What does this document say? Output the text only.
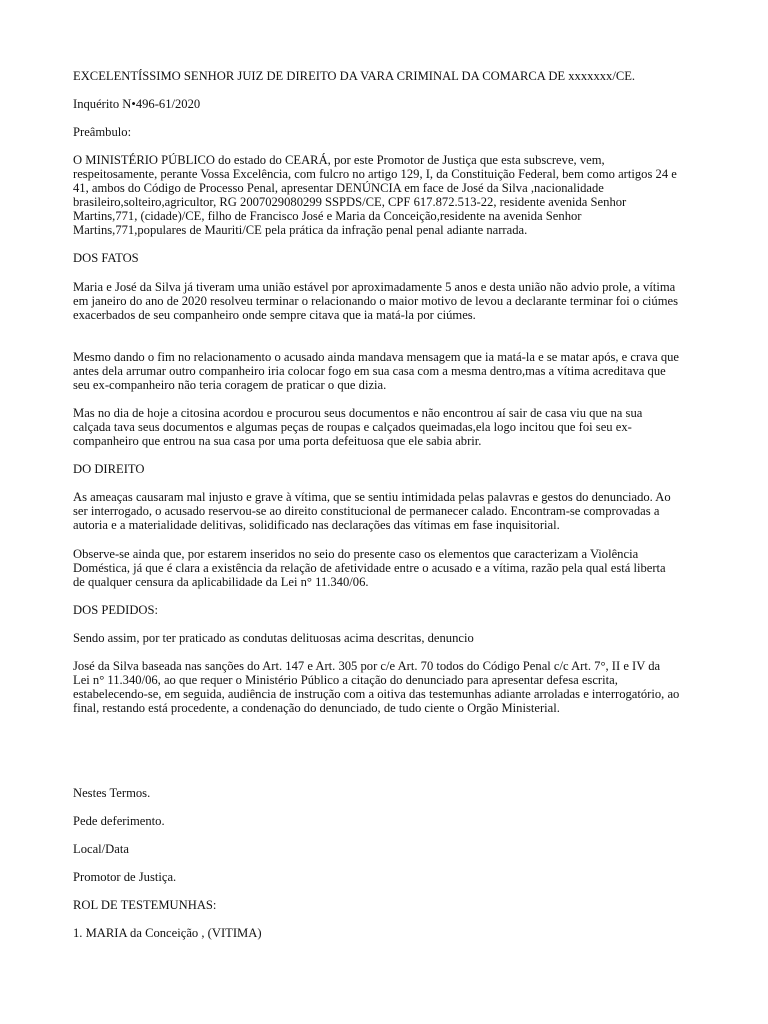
EXCELENTÍSSIMO SENHOR JUIZ DE DIREITO DA VARA CRIMINAL DA COMARCA DE xxxxxxx/CE.

Inquérito N•496-61/2020

Preâmbulo:

O MINISTÉRIO PÚBLICO do estado do CEARÁ, por este Promotor de Justiça que esta subscreve, vem,

respeitosamente, perante Vossa Excelência, com fulcro no artigo 129, I, da Constituição Federal, bem como artigos 24 e

41, ambos do Código de Processo Penal, apresentar DENÚNCIA em face de José da Silva ,nacionalidade

brasileiro,solteiro,agricultor, RG 2007029080299 SSPDS/CE, CPF 617.872.513-22, residente avenida Senhor

Martins,771, (cidade)/CE, filho de Francisco José e Maria da Conceição,residente na avenida Senhor

Martins,771,populares de Mauriti/CE pela prática da infração penal penal adiante narrada.

DOS FATOS

Maria e José da Silva já tiveram uma união estável por aproximadamente 5 anos e desta união não advio prole, a vítima

em janeiro do ano de 2020 resolveu terminar o relacionando o maior motivo de levou a declarante terminar foi o ciúmes

exacerbados de seu companheiro onde sempre citava que ia matá-la por ciúmes.

Mesmo dando o fim no relacionamento o acusado ainda mandava mensagem que ia matá-la e se matar após, e crava que

antes dela arrumar outro companheiro iria colocar fogo em sua casa com a mesma dentro,mas a vítima acreditava que

seu ex-companheiro não teria coragem de praticar o que dizia.

Mas no dia de hoje a citosina acordou e procurou seus documentos e não encontrou aí sair de casa viu que na sua

calçada tava seus documentos e algumas peças de roupas e calçados queimadas,ela logo incitou que foi seu ex-

companheiro que entrou na sua casa por uma porta defeituosa que ele sabia abrir.

DO DIREITO

As ameaças causaram mal injusto e grave à vítima, que se sentiu intimidada pelas palavras e gestos do denunciado. Ao

ser interrogado, o acusado reservou-se ao direito constitucional de permanecer calado. Encontram-se comprovadas a

autoria e a materialidade delitivas, solidificado nas declarações das vítimas em fase inquisitorial.

Observe-se ainda que, por estarem inseridos no seio do presente caso os elementos que caracterizam a Violência

Doméstica, já que é clara a existência da relação de afetividade entre o acusado e a vítima, razão pela qual está liberta

de qualquer censura da aplicabilidade da Lei n° 11.340/06.

DOS PEDIDOS:

Sendo assim, por ter praticado as condutas delituosas acima descritas, denuncio

José da Silva baseada nas sanções do Art. 147 e Art. 305 por c/e Art. 70 todos do Código Penal c/c Art. 7°, II e IV da

Lei n° 11.340/06, ao que requer o Ministério Público a citação do denunciado para apresentar defesa escrita,

estabelecendo-se, em seguida, audiência de instrução com a oitiva das testemunhas adiante arroladas e interrogatório, ao

final, restando está procedente, a condenação do denunciado, de tudo ciente o Orgão Ministerial.

Nestes Termos.

Pede deferimento.

Local/Data

Promotor de Justiça.

ROL DE TESTEMUNHAS:

1. MARIA da Conceição , (VITIMA)
